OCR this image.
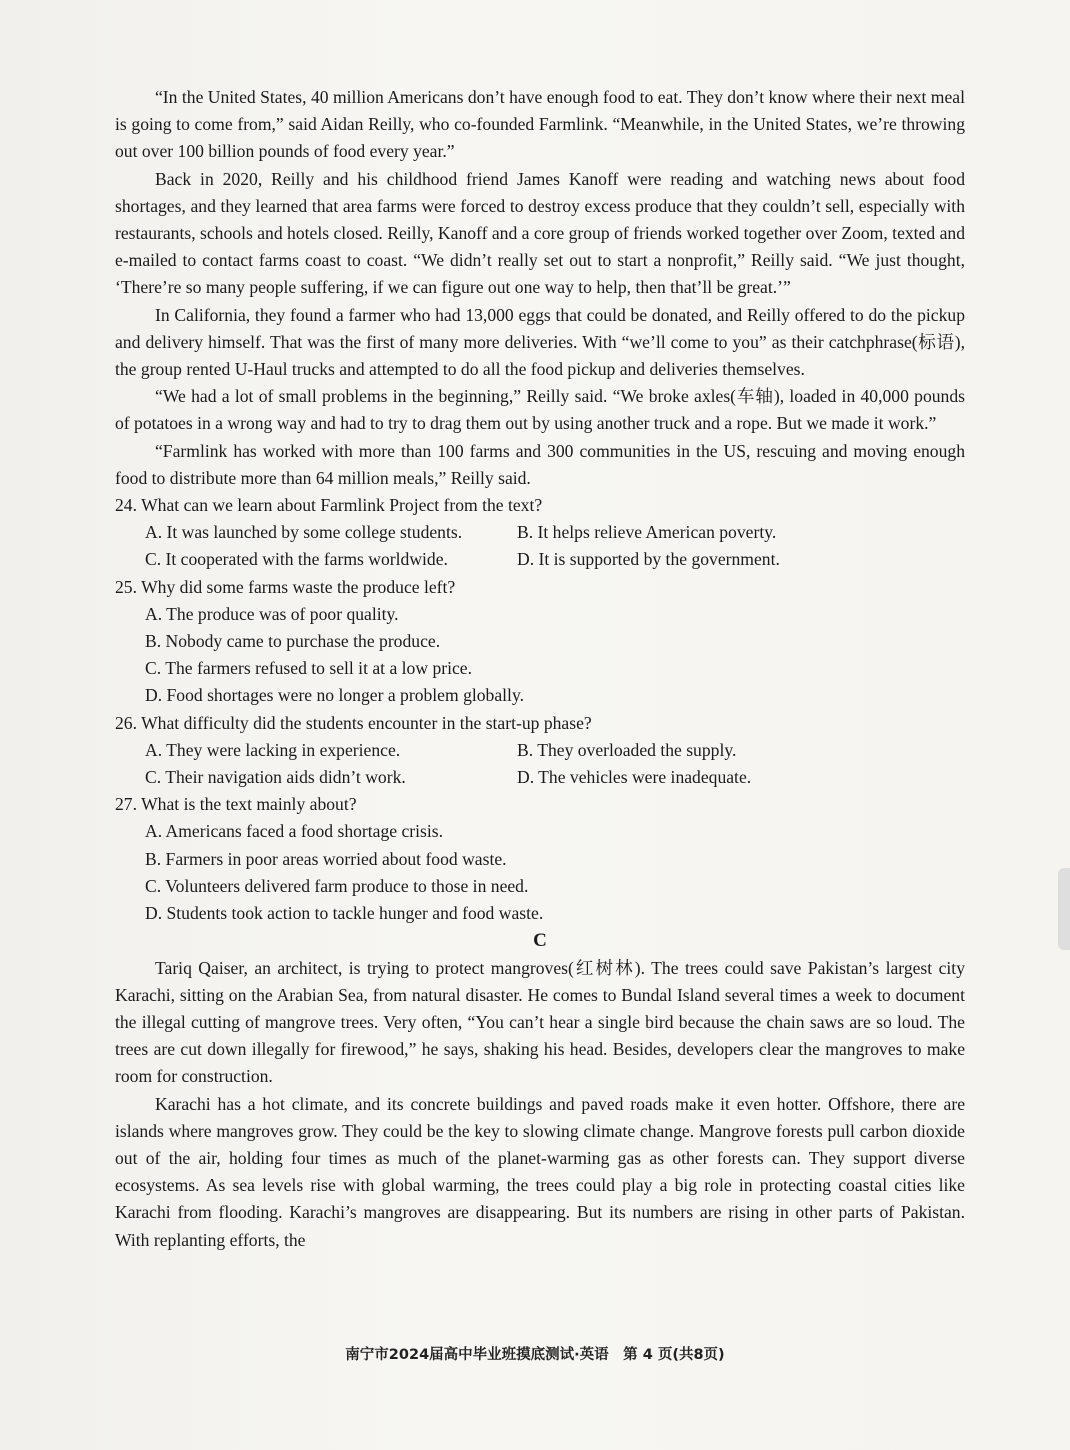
“In the United States, 40 million Americans don’t have enough food to eat. They don’t know where their next meal is going to come from,” said Aidan Reilly, who co-founded Farmlink. “Meanwhile, in the United States, we’re throwing out over 100 billion pounds of food every year.”

Back in 2020, Reilly and his childhood friend James Kanoff were reading and watching news about food shortages, and they learned that area farms were forced to destroy excess produce that they couldn’t sell, especially with restaurants, schools and hotels closed. Reilly, Kanoff and a core group of friends worked together over Zoom, texted and e-mailed to contact farms coast to coast. “We didn’t really set out to start a nonprofit,” Reilly said. “We just thought, ‘There’re so many people suffering, if we can figure out one way to help, then that’ll be great.’”

In California, they found a farmer who had 13,000 eggs that could be donated, and Reilly offered to do the pickup and delivery himself. That was the first of many more deliveries. With “we’ll come to you” as their catchphrase(标语), the group rented U-Haul trucks and attempted to do all the food pickup and deliveries themselves.

“We had a lot of small problems in the beginning,” Reilly said. “We broke axles(车轴), loaded in 40,000 pounds of potatoes in a wrong way and had to try to drag them out by using another truck and a rope. But we made it work.”

“Farmlink has worked with more than 100 farms and 300 communities in the US, rescuing and moving enough food to distribute more than 64 million meals,” Reilly said.

24. What can we learn about Farmlink Project from the text?

A. It was launched by some college students.	B. It helps relieve American poverty.
C. It cooperated with the farms worldwide.	D. It is supported by the government.

25. Why did some farms waste the produce left?

A. The produce was of poor quality.

B. Nobody came to purchase the produce.

C. The farmers refused to sell it at a low price.

D. Food shortages were no longer a problem globally.

26. What difficulty did the students encounter in the start-up phase?

A. They were lacking in experience.	B. They overloaded the supply.
C. Their navigation aids didn’t work.	D. The vehicles were inadequate.

27. What is the text mainly about?

A. Americans faced a food shortage crisis.

B. Farmers in poor areas worried about food waste.

C. Volunteers delivered farm produce to those in need.

D. Students took action to tackle hunger and food waste.

C

Tariq Qaiser, an architect, is trying to protect mangroves(红树林). The trees could save Pakistan’s largest city Karachi, sitting on the Arabian Sea, from natural disaster. He comes to Bundal Island several times a week to document the illegal cutting of mangrove trees. Very often, “You can’t hear a single bird because the chain saws are so loud. The trees are cut down illegally for firewood,” he says, shaking his head. Besides, developers clear the mangroves to make room for construction.

Karachi has a hot climate, and its concrete buildings and paved roads make it even hotter. Offshore, there are islands where mangroves grow. They could be the key to slowing climate change. Mangrove forests pull carbon dioxide out of the air, holding four times as much of the planet-warming gas as other forests can. They support diverse ecosystems. As sea levels rise with global warming, the trees could play a big role in protecting coastal cities like Karachi from flooding. Karachi’s mangroves are disappearing. But its numbers are rising in other parts of Pakistan. With replanting efforts, the

南宁市2024届高中毕业班摸底测试·英语　第 4 页(共8页)
